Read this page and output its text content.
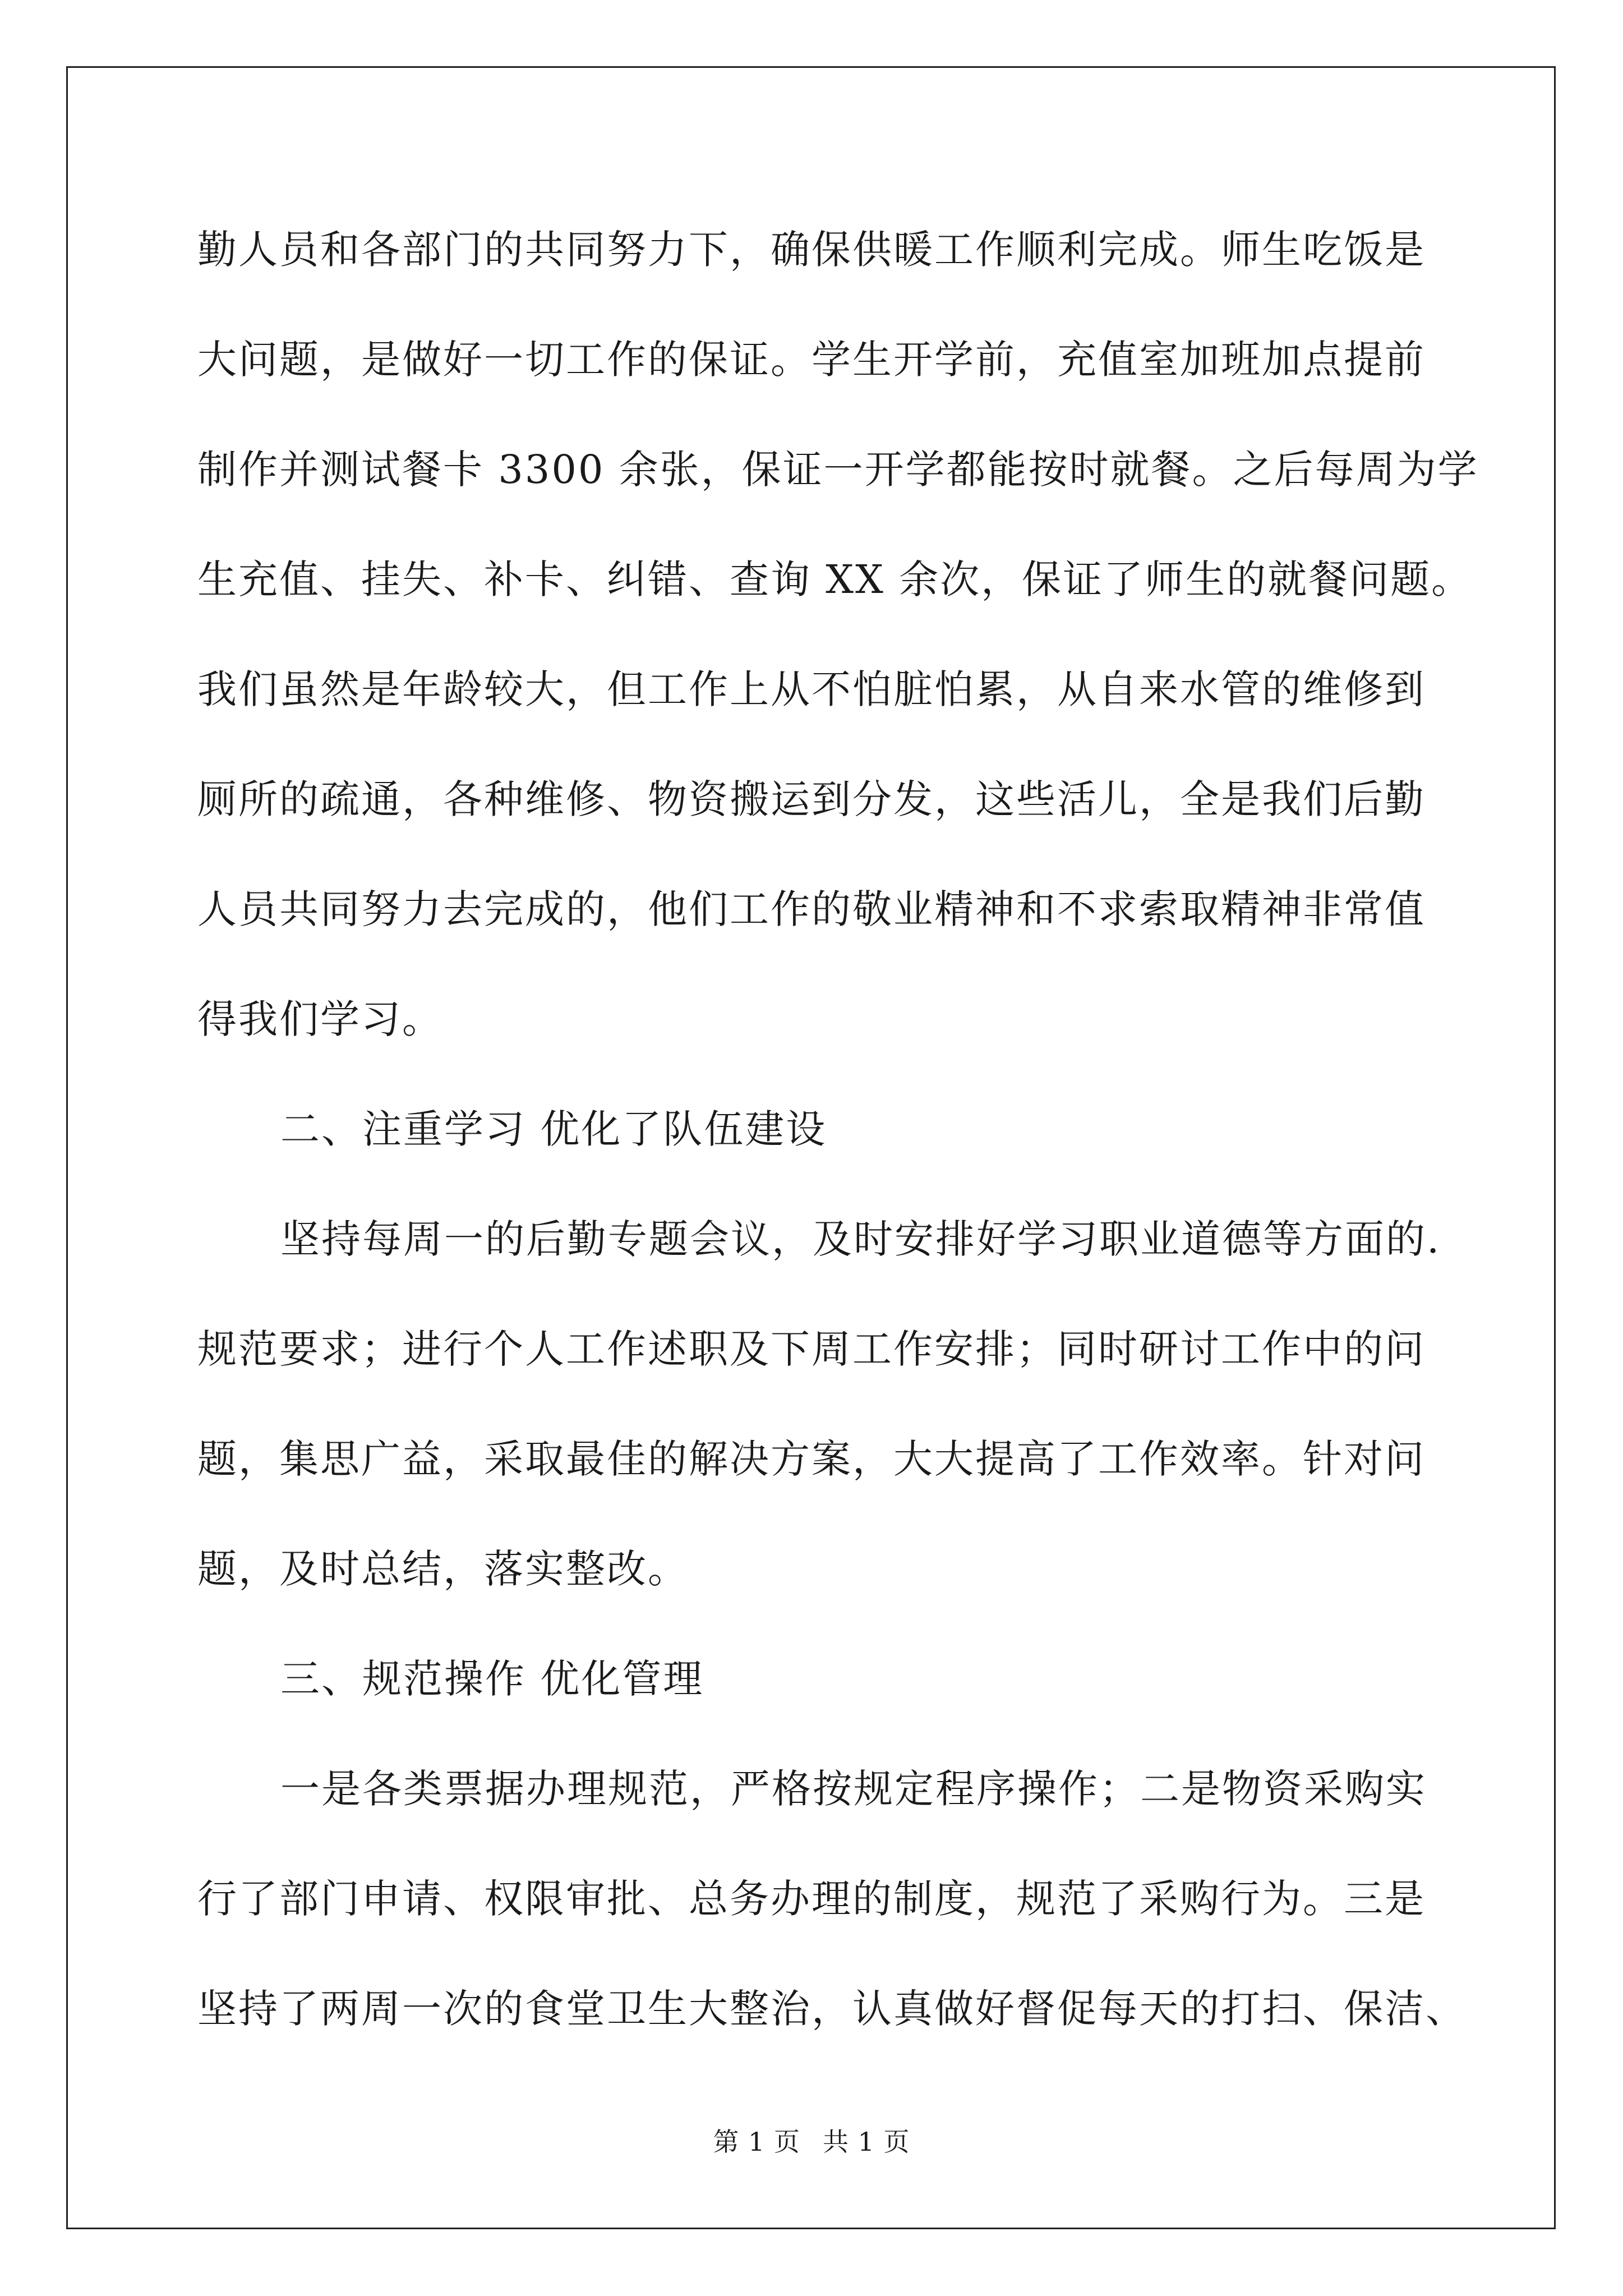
勤人员和各部门的共同努力下，确保供暖工作顺利完成。师生吃饭是
大问题，是做好一切工作的保证。学生开学前，充值室加班加点提前
制作并测试餐卡 3300 余张，保证一开学都能按时就餐。之后每周为学
生充值、挂失、补卡、纠错、查询 XX 余次，保证了师生的就餐问题。
我们虽然是年龄较大，但工作上从不怕脏怕累，从自来水管的维修到
厕所的疏通，各种维修、物资搬运到分发，这些活儿，全是我们后勤
人员共同努力去完成的，他们工作的敬业精神和不求索取精神非常值
得我们学习。
二、注重学习 优化了队伍建设
坚持每周一的后勤专题会议，及时安排好学习职业道德等方面的.
规范要求；进行个人工作述职及下周工作安排；同时研讨工作中的问
题，集思广益，采取最佳的解决方案，大大提高了工作效率。针对问
题，及时总结，落实整改。
三、规范操作 优化管理
一是各类票据办理规范，严格按规定程序操作；二是物资采购实
行了部门申请、权限审批、总务办理的制度，规范了采购行为。三是
坚持了两周一次的食堂卫生大整治，认真做好督促每天的打扫、保洁、
第 1 页 共 1 页
